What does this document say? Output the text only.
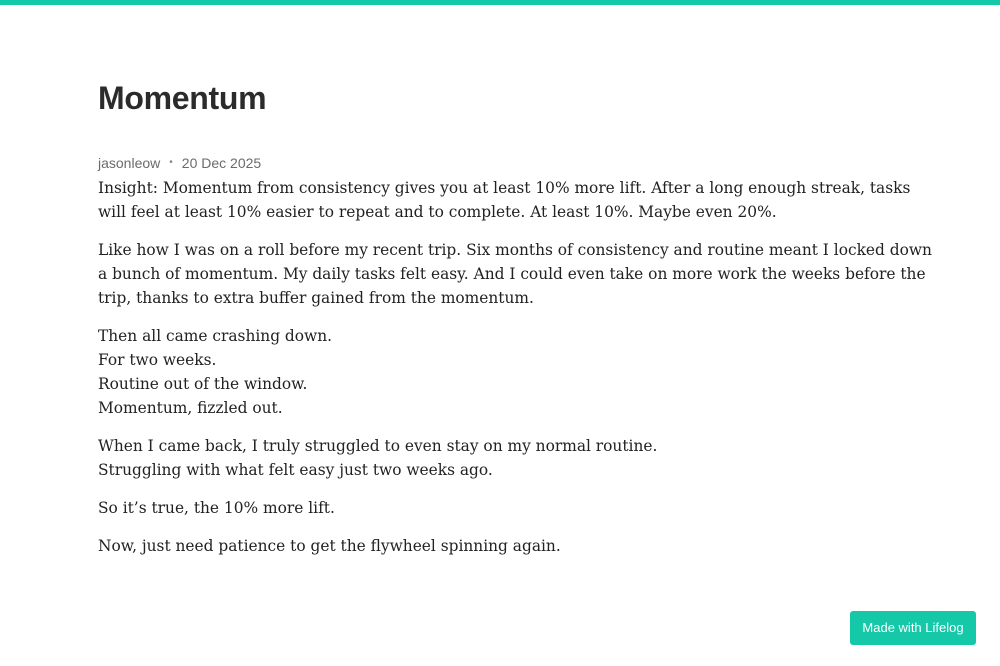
Momentum
jasonleow • 20 Dec 2025

Insight: Momentum from consistency gives you at least 10% more lift. After a long enough streak, tasks
will feel at least 10% easier to repeat and to complete. At least 10%. Maybe even 20%.

Like how I was on a roll before my recent trip. Six months of consistency and routine meant I locked down
a bunch of momentum. My daily tasks felt easy. And I could even take on more work the weeks before the
trip, thanks to extra buffer gained from the momentum.

Then all came crashing down.
For two weeks.
Routine out of the window.
Momentum, fizzled out.

When I came back, I truly struggled to even stay on my normal routine.
Struggling with what felt easy just two weeks ago.

So it’s true, the 10% more lift.

Now, just need patience to get the flywheel spinning again.

Made with Lifelog
